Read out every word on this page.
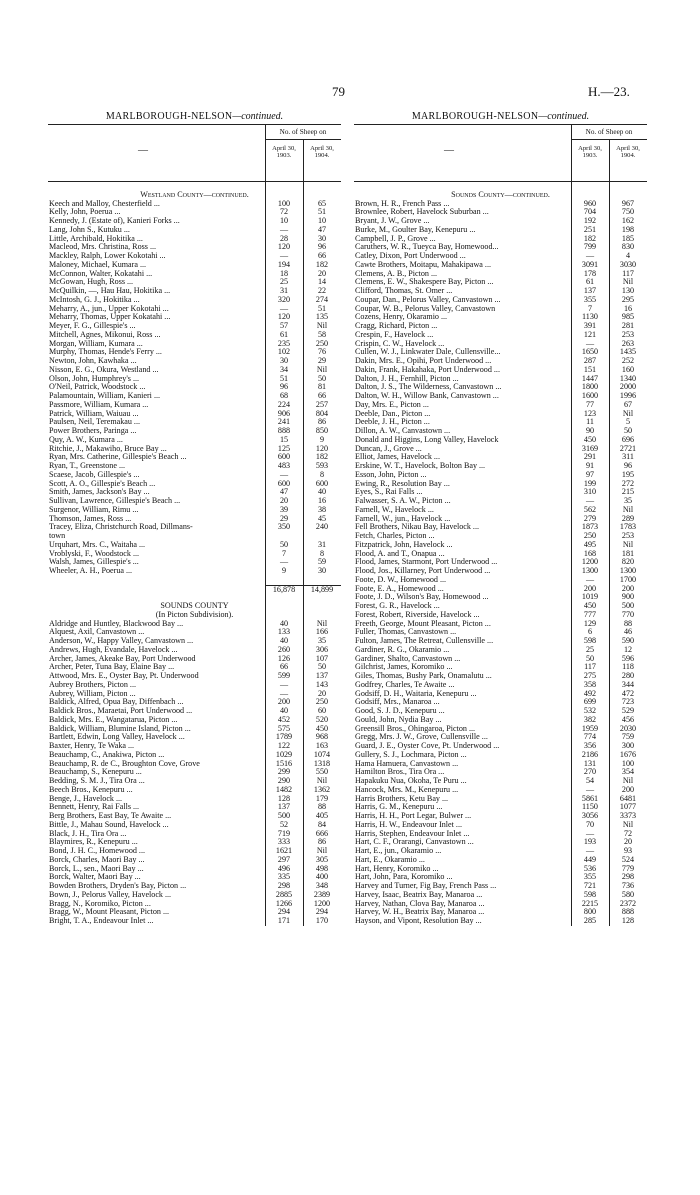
79	H.—23.
MARLBOROUGH-NELSON—continued.
—
No. of Sheep on
April 30,
1903.
April 30,
1904.
Westland County—continued.
Keech and Malloy, Chesterfield ...	100	65
Kelly, John, Poerua ...	72	51
Kennedy, J. (Estate of), Kanieri Forks ...	10	10
Lang, John S., Kutuku ...	—	47
Little, Archibald, Hokitika ...	28	30
Macleod, Mrs. Christina, Ross ...	120	96
Mackley, Ralph, Lower Kokotahi ...	—	66
Maloney, Michael, Kumara ...	194	182
McConnon, Walter, Kokatahi ...	18	20
McGowan, Hugh, Ross ...	25	14
McQuilkin, —, Hau Hau, Hokitika ...	31	22
McIntosh, G. J., Hokitika ...	320	274
Meharry, A., jun., Upper Kokotahi ...	—	51
Meharry, Thomas, Upper Kokatahi ...	120	135
Meyer, F. G., Gillespie's ...	57	Nil
Mitchell, Agnes, Mikonui, Ross ...	61	58
Morgan, William, Kumara ...	235	250
Murphy, Thomas, Hende's Ferry ...	102	76
Newton, John, Kawhaka ...	30	29
Nisson, E. G., Okura, Westland ...	34	Nil
Olson, John, Humphrey's ...	51	50
O'Neil, Patrick, Woodstock ...	96	81
Palamountain, William, Kanieri ...	68	66
Passmore, William, Kumara ...	224	257
Patrick, William, Waiuau ...	906	804
Paulsen, Neil, Teremakau ...	241	86
Power Brothers, Paringa ...	888	850
Quy, A. W., Kumara ...	15	9
Ritchie, J., Makawiho, Bruce Bay ...	125	120
Ryan, Mrs. Catherine, Gillespie's Beach ...	600	182
Ryan, T., Greenstone ...	483	593
Scaese, Jacob, Gillespie's ...	—	8
Scott, A. O., Gillespie's Beach ...	600	600
Smith, James, Jackson's Bay ...	47	40
Sullivan, Lawrence, Gillespie's Beach ...	20	16
Surgenor, William, Rimu ...	39	38
Thomson, James, Ross ...	29	45
Tracey, Eliza, Christchurch Road, Dillmans-	350	240
town
Urquhart, Mrs. C., Waitaha ...	50	31
Vroblyski, F., Woodstock ...	7	8
Walsh, James, Gillespie's ...	—	59
Wheeler, A. H., Poerua ...	9	30
16,878	14,899
SOUNDS COUNTY
(In Picton Subdivision).
Aldridge and Huntley, Blackwood Bay ...	40	Nil
Alquest, Axil, Canvastown ...	133	166
Anderson, W., Happy Valley, Canvastown ...	40	35
Andrews, Hugh, Evandale, Havelock ...	260	306
Archer, James, Akeake Bay, Port Underwood	126	107
Archer, Peter, Tuna Bay, Elaine Bay ...	66	50
Attwood, Mrs. E., Oyster Bay, Pt. Underwood	599	137
Aubrey Brothers, Picton ...	—	143
Aubrey, William, Picton ...	—	20
Baldick, Alfred, Opua Bay, Diffenbach ...	200	250
Baldick Bros., Maraetai, Port Underwood ...	40	60
Baldick, Mrs. E., Wangatarua, Picton ...	452	520
Baldick, William, Blumine Island, Picton ...	575	450
Bartlett, Edwin, Long Valley, Havelock ...	1789	968
Baxter, Henry, Te Waka ...	122	163
Beauchamp, C., Anakiwa, Picton ...	1029	1074
Beauchamp, R. de C., Broughton Cove, Grove	1516	1318
Beauchamp, S., Kenepuru ...	299	550
Bedding, S. M. J., Tira Ora ...	290	Nil
Beech Bros., Kenepuru ...	1482	1362
Benge, J., Havelock ...	128	179
Bennett, Henry, Rai Falls ...	137	88
Berg Brothers, East Bay, Te Awaite ...	500	405
Bittle, J., Mahau Sound, Havelock ...	52	84
Black, J. H., Tira Ora ...	719	666
Blaymires, R., Kenepuru ...	333	86
Bond, J. H. C., Homewood ...	1621	Nil
Borck, Charles, Maori Bay ...	297	305
Borck, L., sen., Maori Bay ...	496	498
Borck, Walter, Maori Bay ...	335	400
Bowden Brothers, Dryden's Bay, Picton ...	298	348
Bown, J., Pelorus Valley, Havelock ...	2885	2389
Bragg, N., Koromiko, Picton ...	1266	1200
Bragg, W., Mount Pleasant, Picton ...	294	294
Bright, T. A., Endeavour Inlet ...	171	170
MARLBOROUGH-NELSON—continued.
—
No. of Sheep on
April 30,
1903.
April 30,
1904.
Sounds County—continued.
Brown, H. R., French Pass ...	960	967
Brownlee, Robert, Havelock Suburban ...	704	750
Bryant, J. W., Grove ...	192	162
Burke, M., Goulter Bay, Kenepuru ...	251	198
Campbell, J. P., Grove ...	182	185
Caruthers, W. R., Tueyca Bay, Homewood...	799	830
Catley, Dixon, Port Underwood ...	—	4
Cawte Brothers, Moitapu, Mahakipawa ...	3091	3030
Clemens, A. B., Picton ...	178	117
Clemens, E. W., Shakespere Bay, Picton ...	61	Nil
Clifford, Thomas, St. Omer ...	137	130
Coupar, Dan., Pelorus Valley, Canvastown ...	355	295
Coupar, W. B., Pelorus Valley, Canvastown	7	16
Cozens, Henry, Okaramio ...	1130	985
Cragg, Richard, Picton ...	391	281
Crespin, F., Havelock ...	121	253
Crispin, C. W., Havelock ...	—	263
Cullen, W. J., Linkwater Dale, Cullensville...	1650	1435
Dakin, Mrs. E., Opihi, Port Underwood ...	287	252
Dakin, Frank, Hakahaka, Port Underwood ...	151	160
Dalton, J. H., Fernhill, Picton ...	1447	1340
Dalton, J. S., The Wilderness, Canvastown ...	1800	2000
Dalton, W. H., Willow Bank, Canvastown ...	1600	1996
Day, Mrs. E., Picton ...	77	67
Deeble, Dan., Picton ...	123	Nil
Deeble, J. H., Picton ...	11	5
Dillon, A. W., Canvastown ...	90	50
Donald and Higgins, Long Valley, Havelock	450	696
Duncan, J., Grove ...	3169	2721
Elliot, James, Havelock ...	291	311
Erskine, W. T., Havelock, Bolton Bay ...	91	96
Esson, John, Picton ...	97	195
Ewing, R., Resolution Bay ...	199	272
Eyes, S., Rai Falls ...	310	215
Falwasser, S. A. W., Picton ...	—	35
Farnell, W., Havelock ...	562	Nil
Farnell, W., jun., Havelock ...	279	289
Fell Brothers, Nikau Bay, Havelock ...	1873	1783
Fetch, Charles, Picton ...	250	253
Fitzpatrick, John, Havelock ...	495	Nil
Flood, A. and T., Onapua ...	168	181
Flood, James, Starmont, Port Underwood ...	1200	820
Flood, Jos., Killarney, Port Underwood ...	1300	1300
Foote, D. W., Homewood ...	—	1700
Foote, E. A., Homewood ...	200	200
Foote, J. D., Wilson's Bay, Homewood ...	1019	900
Forest, G. R., Havelock ...	450	500
Forest, Robert, Riverside, Havelock ...	777	770
Freeth, George, Mount Pleasant, Picton ...	129	88
Fuller, Thomas, Canvastown ...	6	46
Fulton, James, The Retreat, Cullensville ...	598	590
Gardiner, R. G., Okaramio ...	25	12
Gardiner, Shalto, Canvastown ...	50	596
Gilchrist, James, Koromiko ...	117	118
Giles, Thomas, Bushy Park, Onamalutu ...	275	280
Godfrey, Charles, Te Awaite ...	358	344
Godsiff, D. H., Waitaria, Kenepuru ...	492	472
Godsiff, Mrs., Manaroa ...	699	723
Good, S. J. D., Kenepuru ...	532	529
Gould, John, Nydia Bay ...	382	456
Greensill Bros., Ohingaroa, Picton ...	1959	2030
Gregg, Mrs. J. W., Grove, Cullensville ...	774	759
Guard, J. E., Oyster Cove, Pt. Underwood ...	356	300
Gullery, S. J., Lochmara, Picton ...	2186	1676
Hama Hamuera, Canvastown ...	131	100
Hamilton Bros., Tira Ora ...	270	354
Hapakuku Nua, Okoha, Te Puru ...	54	Nil
Hancock, Mrs. M., Kenepuru ...	—	200
Harris Brothers, Ketu Bay ...	5861	6481
Harris, G. M., Kenepuru ...	1150	1077
Harris, H. H., Port Legar, Bulwer ...	3056	3373
Harris, H. W., Endeavour Inlet ...	70	Nil
Harris, Stephen, Endeavour Inlet ...	—	72
Hart, C. F., Orarangi, Canvastown ...	193	20
Hart, E., jun., Okaramio ...	—	93
Hart, E., Okaramio ...	449	524
Hart, Henry, Koromiko ...	536	779
Hart, John, Para, Koromiko ...	355	298
Harvey and Turner, Fig Bay, French Pass ...	721	736
Harvey, Isaac, Beatrix Bay, Manaroa ...	598	580
Harvey, Nathan, Clova Bay, Manaroa ...	2215	2372
Harvey, W. H., Beatrix Bay, Manaroa ...	800	888
Hayson, and Vipont, Resolution Bay ...	285	128
